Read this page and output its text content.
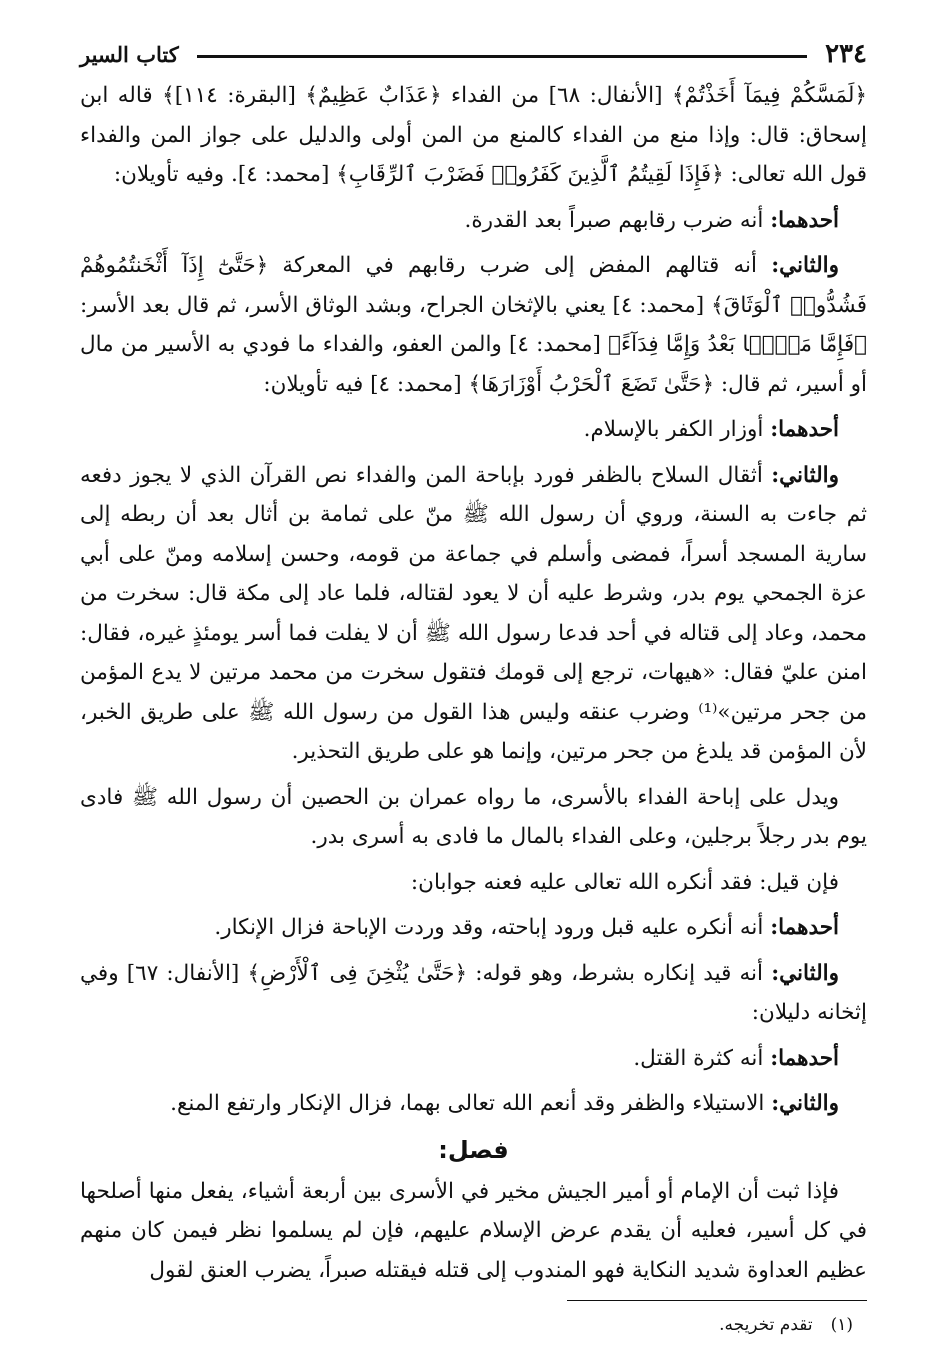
٢٣٤
كتاب السير

﴿لَمَسَّكُمْ فِيمَآ أَخَذْتُمْ﴾ [الأنفال: ٦٨] من الفداء ﴿عَذَابٌ عَظِيمٌ﴾ [البقرة: ١١٤]﴾ قاله ابن إسحاق: قال: وإذا منع من الفداء كالمنع من المن أولى والدليل على جواز المن والفداء قول الله تعالى: ﴿فَإِذَا لَقِيتُمُ ٱلَّذِينَ كَفَرُوا۟ فَضَرْبَ ٱلرِّقَابِ﴾ [محمد: ٤]. وفيه تأويلان:

أحدهما: أنه ضرب رقابهم صبراً بعد القدرة.

والثاني: أنه قتالهم المفض إلى ضرب رقابهم في المعركة ﴿حَتَّىٰٓ إِذَآ أَثْخَنتُمُوهُمْ فَشُدُّوا۟ ٱلْوَثَاقَ﴾ [محمد: ٤] يعني بالإثخان الجراح، وبشد الوثاق الأسر، ثم قال بعد الأسر: ﴿فَإِمَّا مَنًّۢا بَعْدُ وَإِمَّا فِدَآءً﴾ [محمد: ٤] والمن العفو، والفداء ما فودي به الأسير من مال أو أسير، ثم قال: ﴿حَتَّىٰ تَضَعَ ٱلْحَرْبُ أَوْزَارَهَا﴾ [محمد: ٤] فيه تأويلان:

أحدهما: أوزار الكفر بالإسلام.

والثاني: أثقال السلاح بالظفر فورد بإباحة المن والفداء نص القرآن الذي لا يجوز دفعه ثم جاءت به السنة، وروي أن رسول الله ﷺ منّ على ثمامة بن أثال بعد أن ربطه إلى سارية المسجد أسراً، فمضى وأسلم في جماعة من قومه، وحسن إسلامه ومنّ على أبي عزة الجمحي يوم بدر، وشرط عليه أن لا يعود لقتاله، فلما عاد إلى مكة قال: سخرت من محمد، وعاد إلى قتاله في أحد فدعا رسول الله ﷺ أن لا يفلت فما أسر يومئذٍ غيره، فقال: امنن عليّ فقال: «هيهات، ترجع إلى قومك فتقول سخرت من محمد مرتين لا يدع المؤمن من جحر مرتين»⁽¹⁾ وضرب عنقه وليس هذا القول من رسول الله ﷺ على طريق الخبر، لأن المؤمن قد يلدغ من جحر مرتين، وإنما هو على طريق التحذير.

ويدل على إباحة الفداء بالأسرى، ما رواه عمران بن الحصين أن رسول الله ﷺ فادى يوم بدر رجلاً برجلين، وعلى الفداء بالمال ما فادى به أسرى بدر.

فإن قيل: فقد أنكره الله تعالى عليه فعنه جوابان:

أحدهما: أنه أنكره عليه قبل ورود إباحته، وقد وردت الإباحة فزال الإنكار.

والثاني: أنه قيد إنكاره بشرط، وهو قوله: ﴿حَتَّىٰ يُثْخِنَ فِى ٱلْأَرْضِ﴾ [الأنفال: ٦٧] وفي إثخانه دليلان:

أحدهما: أنه كثرة القتل.

والثاني: الاستيلاء والظفر وقد أنعم الله تعالى بهما، فزال الإنكار وارتفع المنع.

فصل:

فإذا ثبت أن الإمام أو أمير الجيش مخير في الأسرى بين أربعة أشياء، يفعل منها أصلحها في كل أسير، فعليه أن يقدم عرض الإسلام عليهم، فإن لم يسلموا نظر فيمن كان منهم عظيم العداوة شديد النكاية فهو المندوب إلى قتله فيقتله صبراً، يضرب العنق لقول

(١)تقدم تخريجه.
